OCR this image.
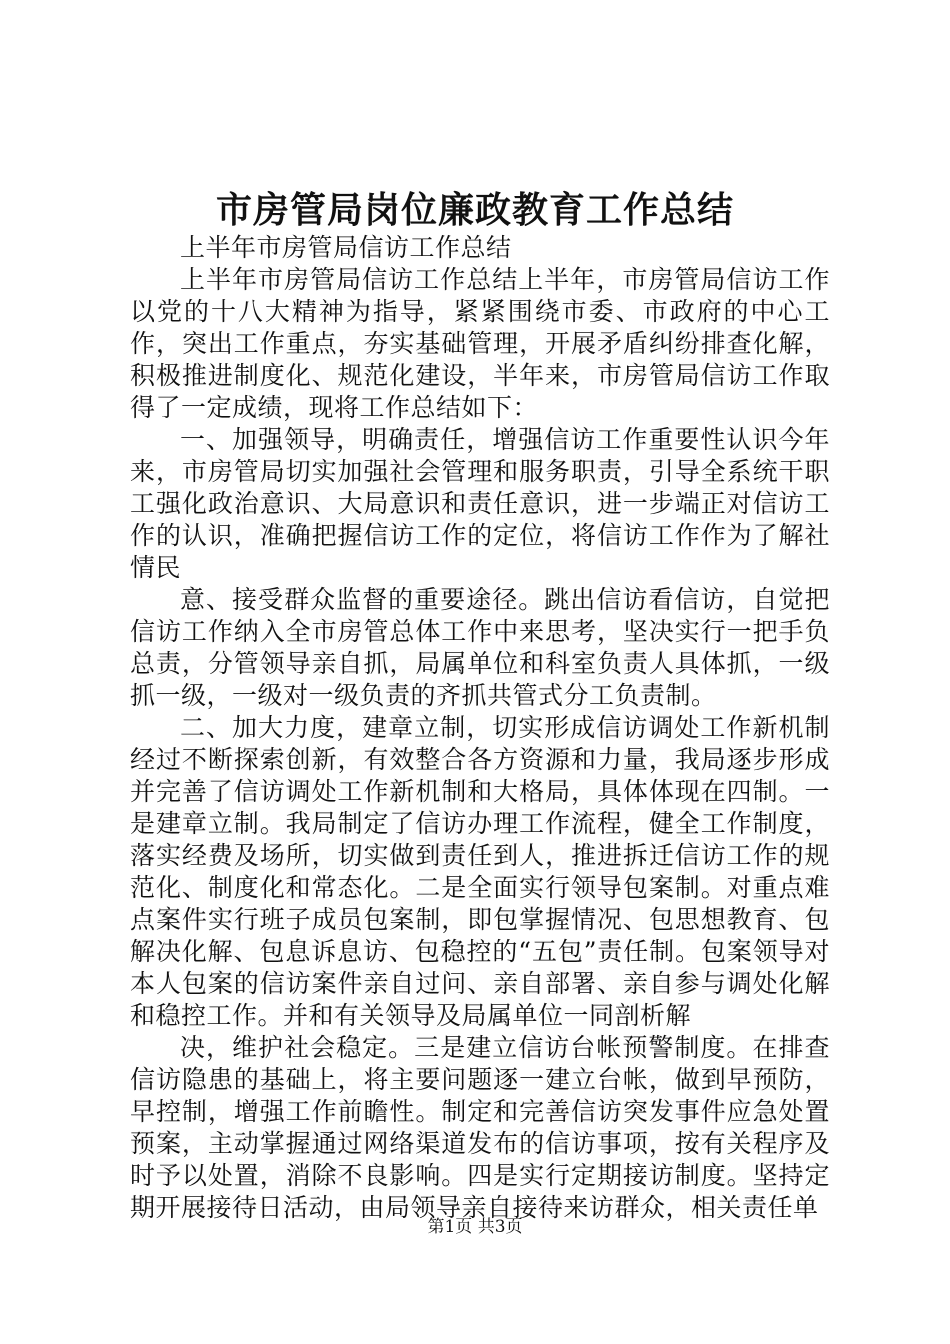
市房管局岗位廉政教育工作总结

上半年市房管局信访工作总结

上半年市房管局信访工作总结上半年，市房管局信访工作以党的十八大精神为指导，紧紧围绕市委、市政府的中心工作，突出工作重点，夯实基础管理，开展矛盾纠纷排查化解，积极推进制度化、规范化建设，半年来，市房管局信访工作取得了一定成绩，现将工作总结如下：

一、加强领导，明确责任，增强信访工作重要性认识今年来，市房管局切实加强社会管理和服务职责，引导全系统干职工强化政治意识、大局意识和责任意识，进一步端正对信访工作的认识，准确把握信访工作的定位，将信访工作作为了解社情民

意、接受群众监督的重要途径。跳出信访看信访，自觉把信访工作纳入全市房管总体工作中来思考，坚决实行一把手负总责，分管领导亲自抓，局属单位和科室负责人具体抓，一级抓一级，一级对一级负责的齐抓共管式分工负责制。

二、加大力度，建章立制，切实形成信访调处工作新机制经过不断探索创新，有效整合各方资源和力量，我局逐步形成并完善了信访调处工作新机制和大格局，具体体现在四制。一是建章立制。我局制定了信访办理工作流程，健全工作制度，落实经费及场所，切实做到责任到人，推进拆迁信访工作的规范化、制度化和常态化。二是全面实行领导包案制。对重点难点案件实行班子成员包案制，即包掌握情况、包思想教育、包解决化解、包息诉息访、包稳控的“五包”责任制。包案领导对本人包案的信访案件亲自过问、亲自部署、亲自参与调处化解和稳控工作。并和有关领导及局属单位一同剖析解

决，维护社会稳定。三是建立信访台帐预警制度。在排查信访隐患的基础上，将主要问题逐一建立台帐，做到早预防，早控制，增强工作前瞻性。制定和完善信访突发事件应急处置预案，主动掌握通过网络渠道发布的信访事项，按有关程序及时予以处置，消除不良影响。四是实行定期接访制度。坚持定期开展接待日活动，由局领导亲自接待来访群众，相关责任单

第1页 共3页
